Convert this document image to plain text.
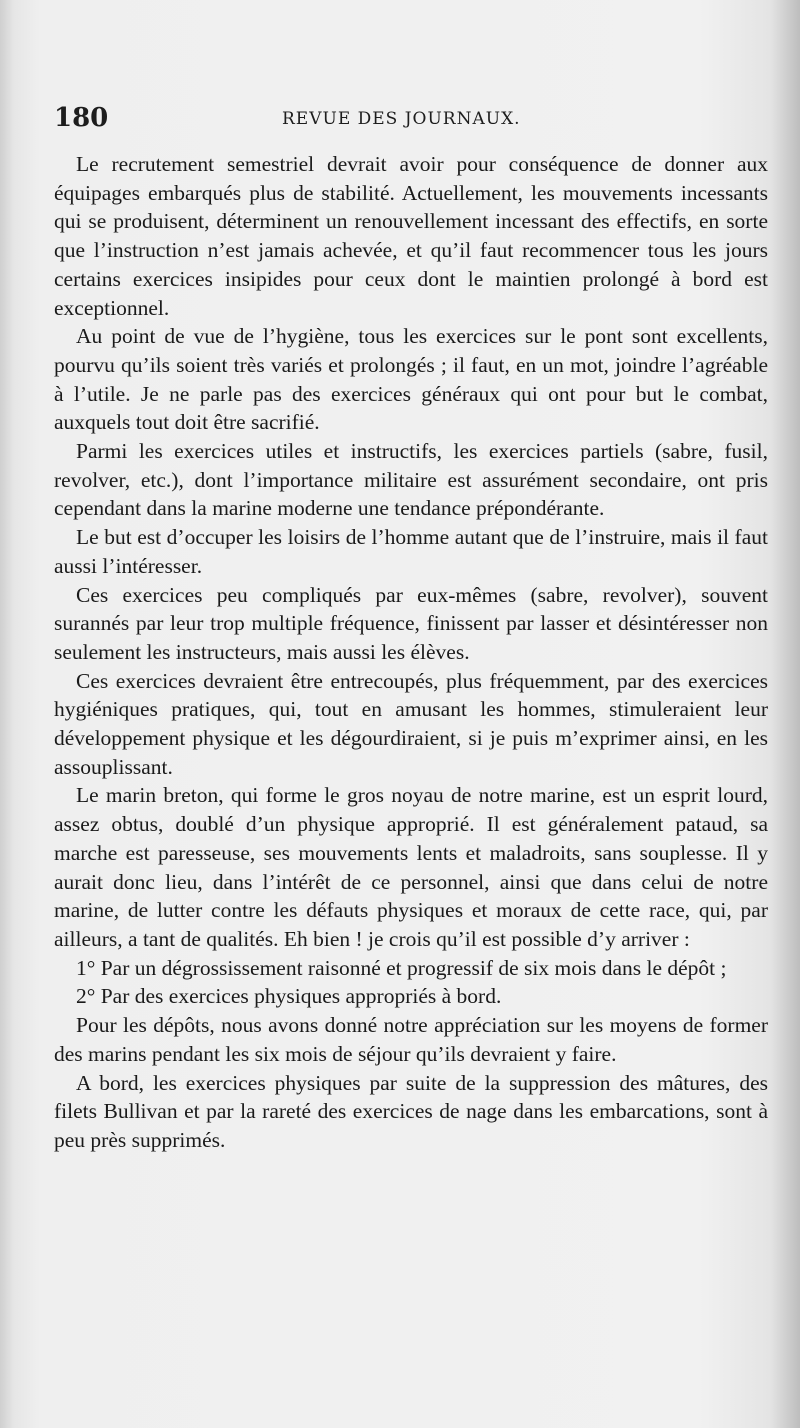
180	REVUE DES JOURNAUX.

Le recrutement semestriel devrait avoir pour conséquence de donner aux équipages embarqués plus de stabilité. Actuellement, les mouvements incessants qui se produisent, déterminent un renouvellement incessant des effectifs, en sorte que l’instruction n’est jamais achevée, et qu’il faut recommencer tous les jours certains exercices insipides pour ceux dont le maintien prolongé à bord est exceptionnel.

Au point de vue de l’hygiène, tous les exercices sur le pont sont excellents, pourvu qu’ils soient très variés et prolongés ; il faut, en un mot, joindre l’agréable à l’utile. Je ne parle pas des exercices généraux qui ont pour but le combat, auxquels tout doit être sacrifié.

Parmi les exercices utiles et instructifs, les exercices partiels (sabre, fusil, revolver, etc.), dont l’importance militaire est assurément secondaire, ont pris cependant dans la marine moderne une tendance prépondérante.

Le but est d’occuper les loisirs de l’homme autant que de l’instruire, mais il faut aussi l’intéresser.

Ces exercices peu compliqués par eux-mêmes (sabre, revolver), souvent surannés par leur trop multiple fréquence, finissent par lasser et désintéresser non seulement les instructeurs, mais aussi les élèves.

Ces exercices devraient être entrecoupés, plus fréquemment, par des exercices hygiéniques pratiques, qui, tout en amusant les hommes, stimuleraient leur développement physique et les dégourdiraient, si je puis m’exprimer ainsi, en les assouplissant.

Le marin breton, qui forme le gros noyau de notre marine, est un esprit lourd, assez obtus, doublé d’un physique approprié. Il est généralement pataud, sa marche est paresseuse, ses mouvements lents et maladroits, sans souplesse. Il y aurait donc lieu, dans l’intérêt de ce personnel, ainsi que dans celui de notre marine, de lutter contre les défauts physiques et moraux de cette race, qui, par ailleurs, a tant de qualités. Eh bien ! je crois qu’il est possible d’y arriver :

1° Par un dégrossissement raisonné et progressif de six mois dans le dépôt ;

2° Par des exercices physiques appropriés à bord.

Pour les dépôts, nous avons donné notre appréciation sur les moyens de former des marins pendant les six mois de séjour qu’ils devraient y faire.

A bord, les exercices physiques par suite de la suppression des mâtures, des filets Bullivan et par la rareté des exercices de nage dans les embarcations, sont à peu près supprimés.
